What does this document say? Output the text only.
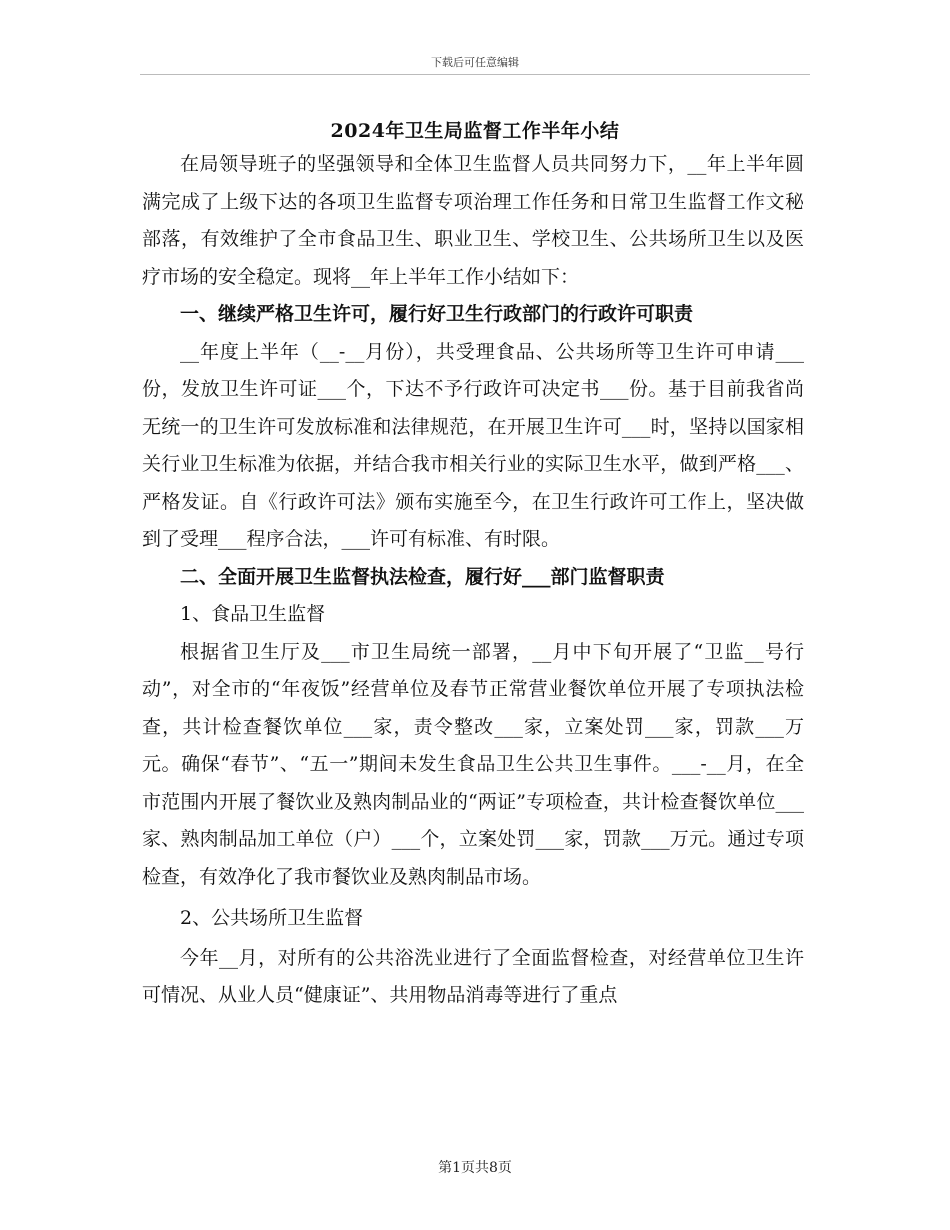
下载后可任意编辑
2024年卫生局监督工作半年小结

在局领导班子的坚强领导和全体卫生监督人员共同努力下，__年上半年圆满完成了上级下达的各项卫生监督专项治理工作任务和日常卫生监督工作文秘部落，有效维护了全市食品卫生、职业卫生、学校卫生、公共场所卫生以及医疗市场的安全稳定。现将__年上半年工作小结如下：

一、继续严格卫生许可，履行好卫生行政部门的行政许可职责

__年度上半年（__-__月份），共受理食品、公共场所等卫生许可申请___份，发放卫生许可证___个，下达不予行政许可决定书___份。基于目前我省尚无统一的卫生许可发放标准和法律规范，在开展卫生许可___时，坚持以国家相关行业卫生标准为依据，并结合我市相关行业的实际卫生水平，做到严格___、严格发证。自《行政许可法》颁布实施至今，在卫生行政许可工作上，坚决做到了受理___程序合法，___许可有标准、有时限。

二、全面开展卫生监督执法检查，履行好___部门监督职责

1、食品卫生监督

根据省卫生厅及___市卫生局统一部署，__月中下旬开展了“卫监__号行动”，对全市的“年夜饭”经营单位及春节正常营业餐饮单位开展了专项执法检查，共计检查餐饮单位___家，责令整改___家，立案处罚___家，罚款___万元。确保“春节”、“五一”期间未发生食品卫生公共卫生事件。___-__月，在全市范围内开展了餐饮业及熟肉制品业的“两证”专项检查，共计检查餐饮单位___家、熟肉制品加工单位（户）___个，立案处罚___家，罚款___万元。通过专项检查，有效净化了我市餐饮业及熟肉制品市场。

2、公共场所卫生监督

今年__月，对所有的公共浴洗业进行了全面监督检查，对经营单位卫生许可情况、从业人员“健康证”、共用物品消毒等进行了重点

第1页共8页
